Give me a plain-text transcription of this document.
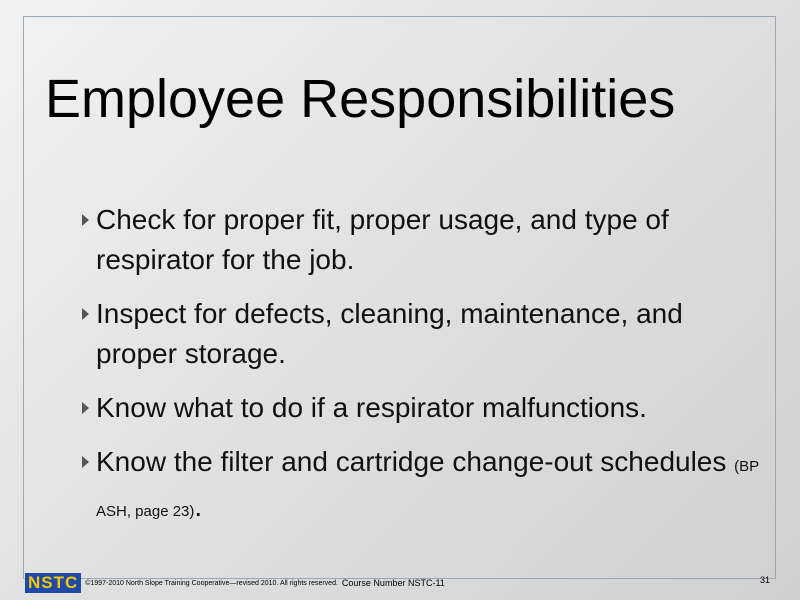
Employee Responsibilities
Check for proper fit, proper usage, and type of respirator for the job.
Inspect for defects, cleaning, maintenance, and proper storage.
Know what to do if a respirator malfunctions.
Know the filter and cartridge change-out schedules (BP ASH, page 23).
NSTC ©1997-2010 North Slope Training Cooperative—revised 2010. All rights reserved. Course Number NSTC-11	31
